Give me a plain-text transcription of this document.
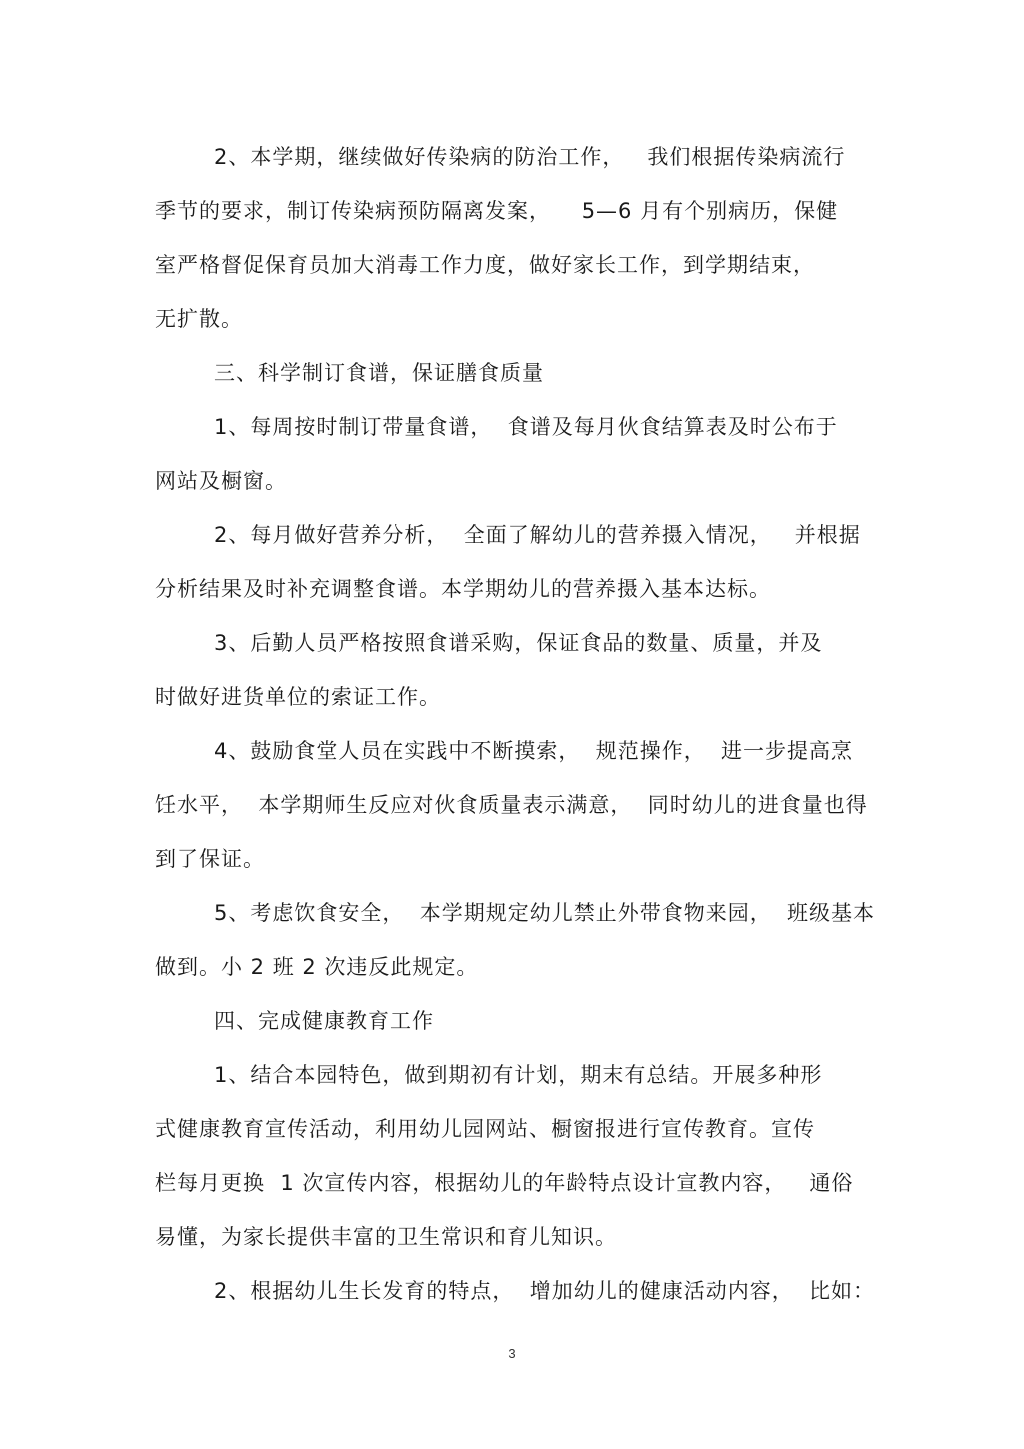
2、本学期，继续做好传染病的防治工作，   我们根据传染病流行
季节的要求，制订传染病预防隔离发案，    5—6 月有个别病历，保健
室严格督促保育员加大消毒工作力度，做好家长工作，到学期结束，
无扩散。
三、科学制订食谱，保证膳食质量
1、每周按时制订带量食谱，  食谱及每月伙食结算表及时公布于
网站及橱窗。
2、每月做好营养分析，  全面了解幼儿的营养摄入情况，   并根据
分析结果及时补充调整食谱。本学期幼儿的营养摄入基本达标。
3、后勤人员严格按照食谱采购，保证食品的数量、质量，并及
时做好进货单位的索证工作。
4、鼓励食堂人员在实践中不断摸索，  规范操作，  进一步提高烹
饪水平，  本学期师生反应对伙食质量表示满意，  同时幼儿的进食量也得
到了保证。
5、考虑饮食安全，  本学期规定幼儿禁止外带食物来园，  班级基本
做到。小 2 班 2 次违反此规定。
四、完成健康教育工作
1、结合本园特色，做到期初有计划，期末有总结。开展多种形
式健康教育宣传活动，利用幼儿园网站、橱窗报进行宣传教育。宣传
栏每月更换  1 次宣传内容，根据幼儿的年龄特点设计宣教内容，   通俗
易懂，为家长提供丰富的卫生常识和育儿知识。
2、根据幼儿生长发育的特点，  增加幼儿的健康活动内容，  比如：
3
